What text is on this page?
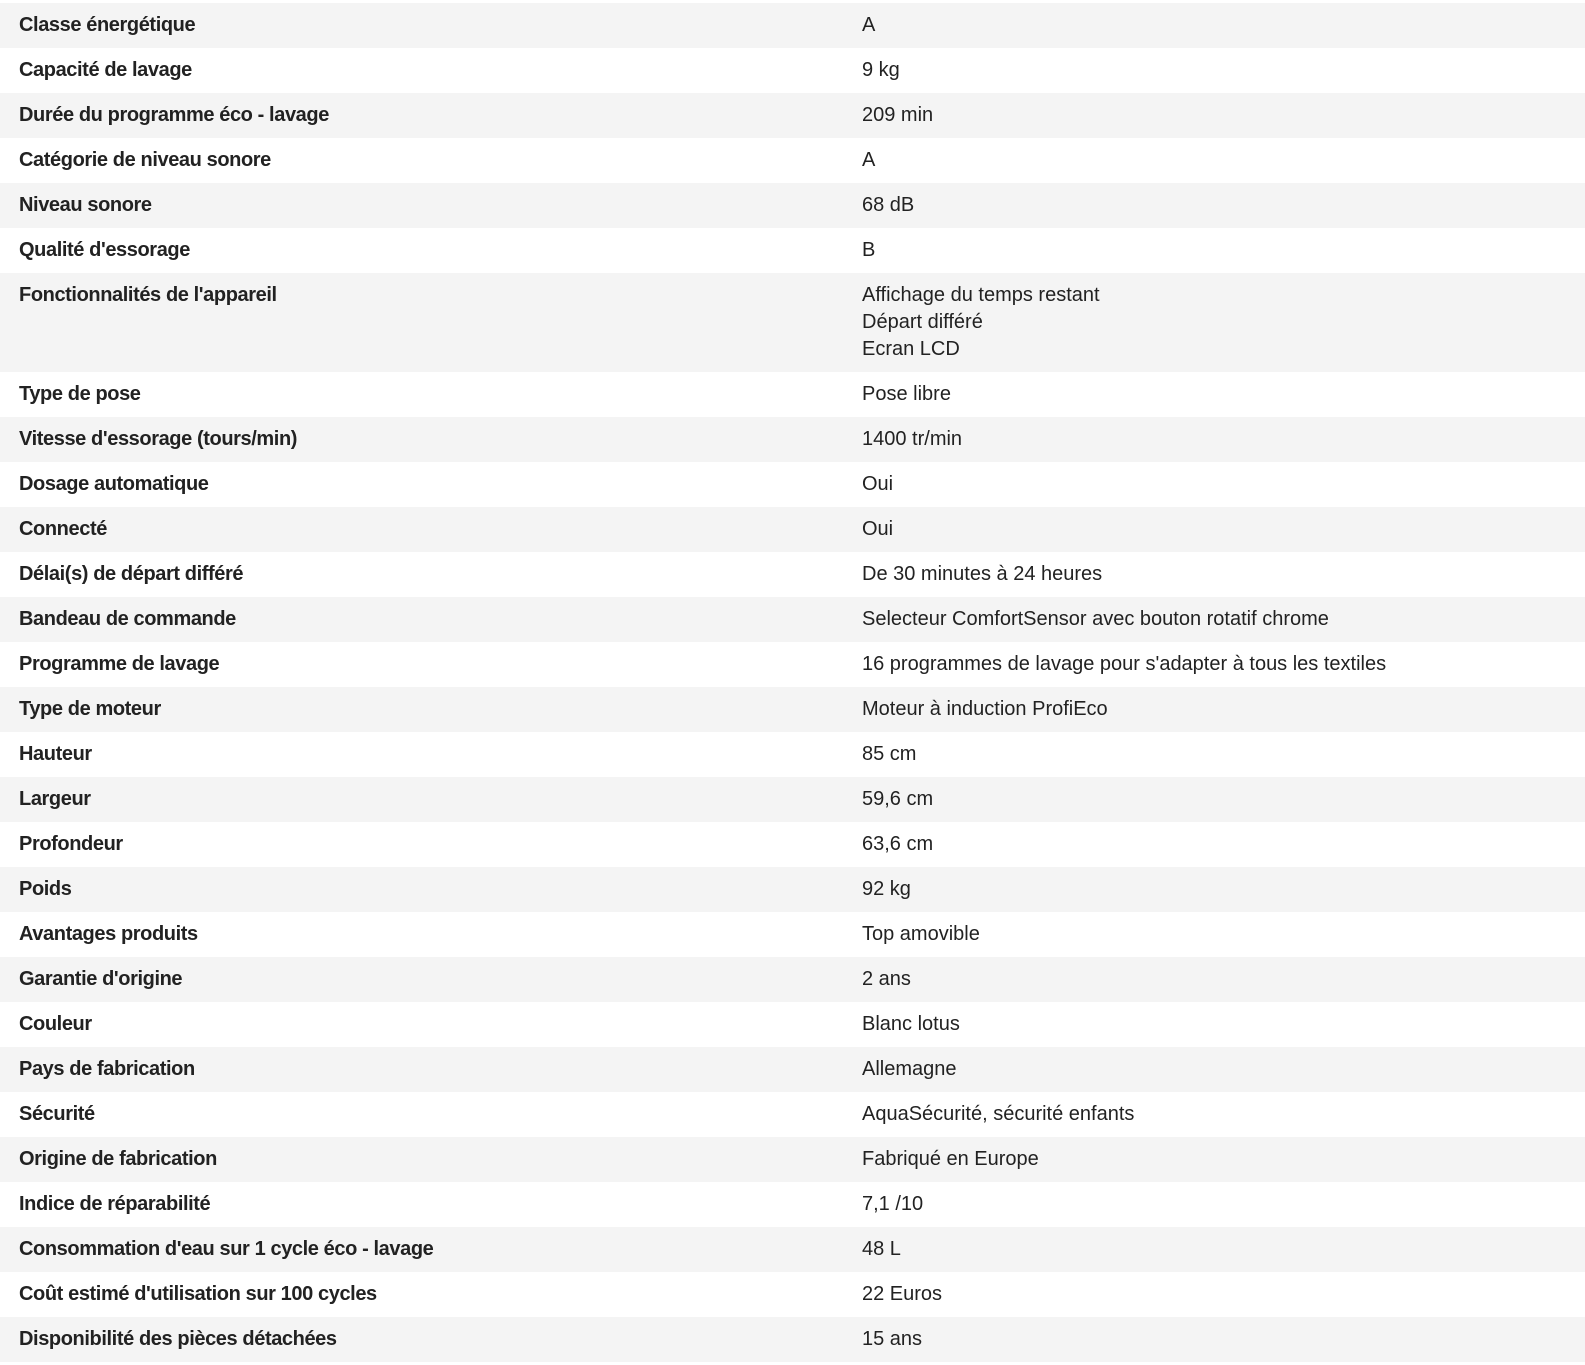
Classe énergétique	A

Capacité de lavage	9 kg

Durée du programme éco - lavage	209 min

Catégorie de niveau sonore	A

Niveau sonore	68 dB

Qualité d'essorage	B

Fonctionnalités de l'appareil	Affichage du temps restant
Départ différé
Ecran LCD

Type de pose	Pose libre

Vitesse d'essorage (tours/min)	1400 tr/min

Dosage automatique	Oui

Connecté	Oui

Délai(s) de départ différé	De 30 minutes à 24 heures

Bandeau de commande	Selecteur ComfortSensor avec bouton rotatif chrome

Programme de lavage	16 programmes de lavage pour s'adapter à tous les textiles

Type de moteur	Moteur à induction ProfiEco

Hauteur	85 cm

Largeur	59,6 cm

Profondeur	63,6 cm

Poids	92 kg

Avantages produits	Top amovible

Garantie d'origine	2 ans

Couleur	Blanc lotus

Pays de fabrication	Allemagne

Sécurité	AquaSécurité, sécurité enfants

Origine de fabrication	Fabriqué en Europe

Indice de réparabilité	7,1 /10

Consommation d'eau sur 1 cycle éco - lavage	48 L

Coût estimé d'utilisation sur 100 cycles	22 Euros

Disponibilité des pièces détachées	15 ans
